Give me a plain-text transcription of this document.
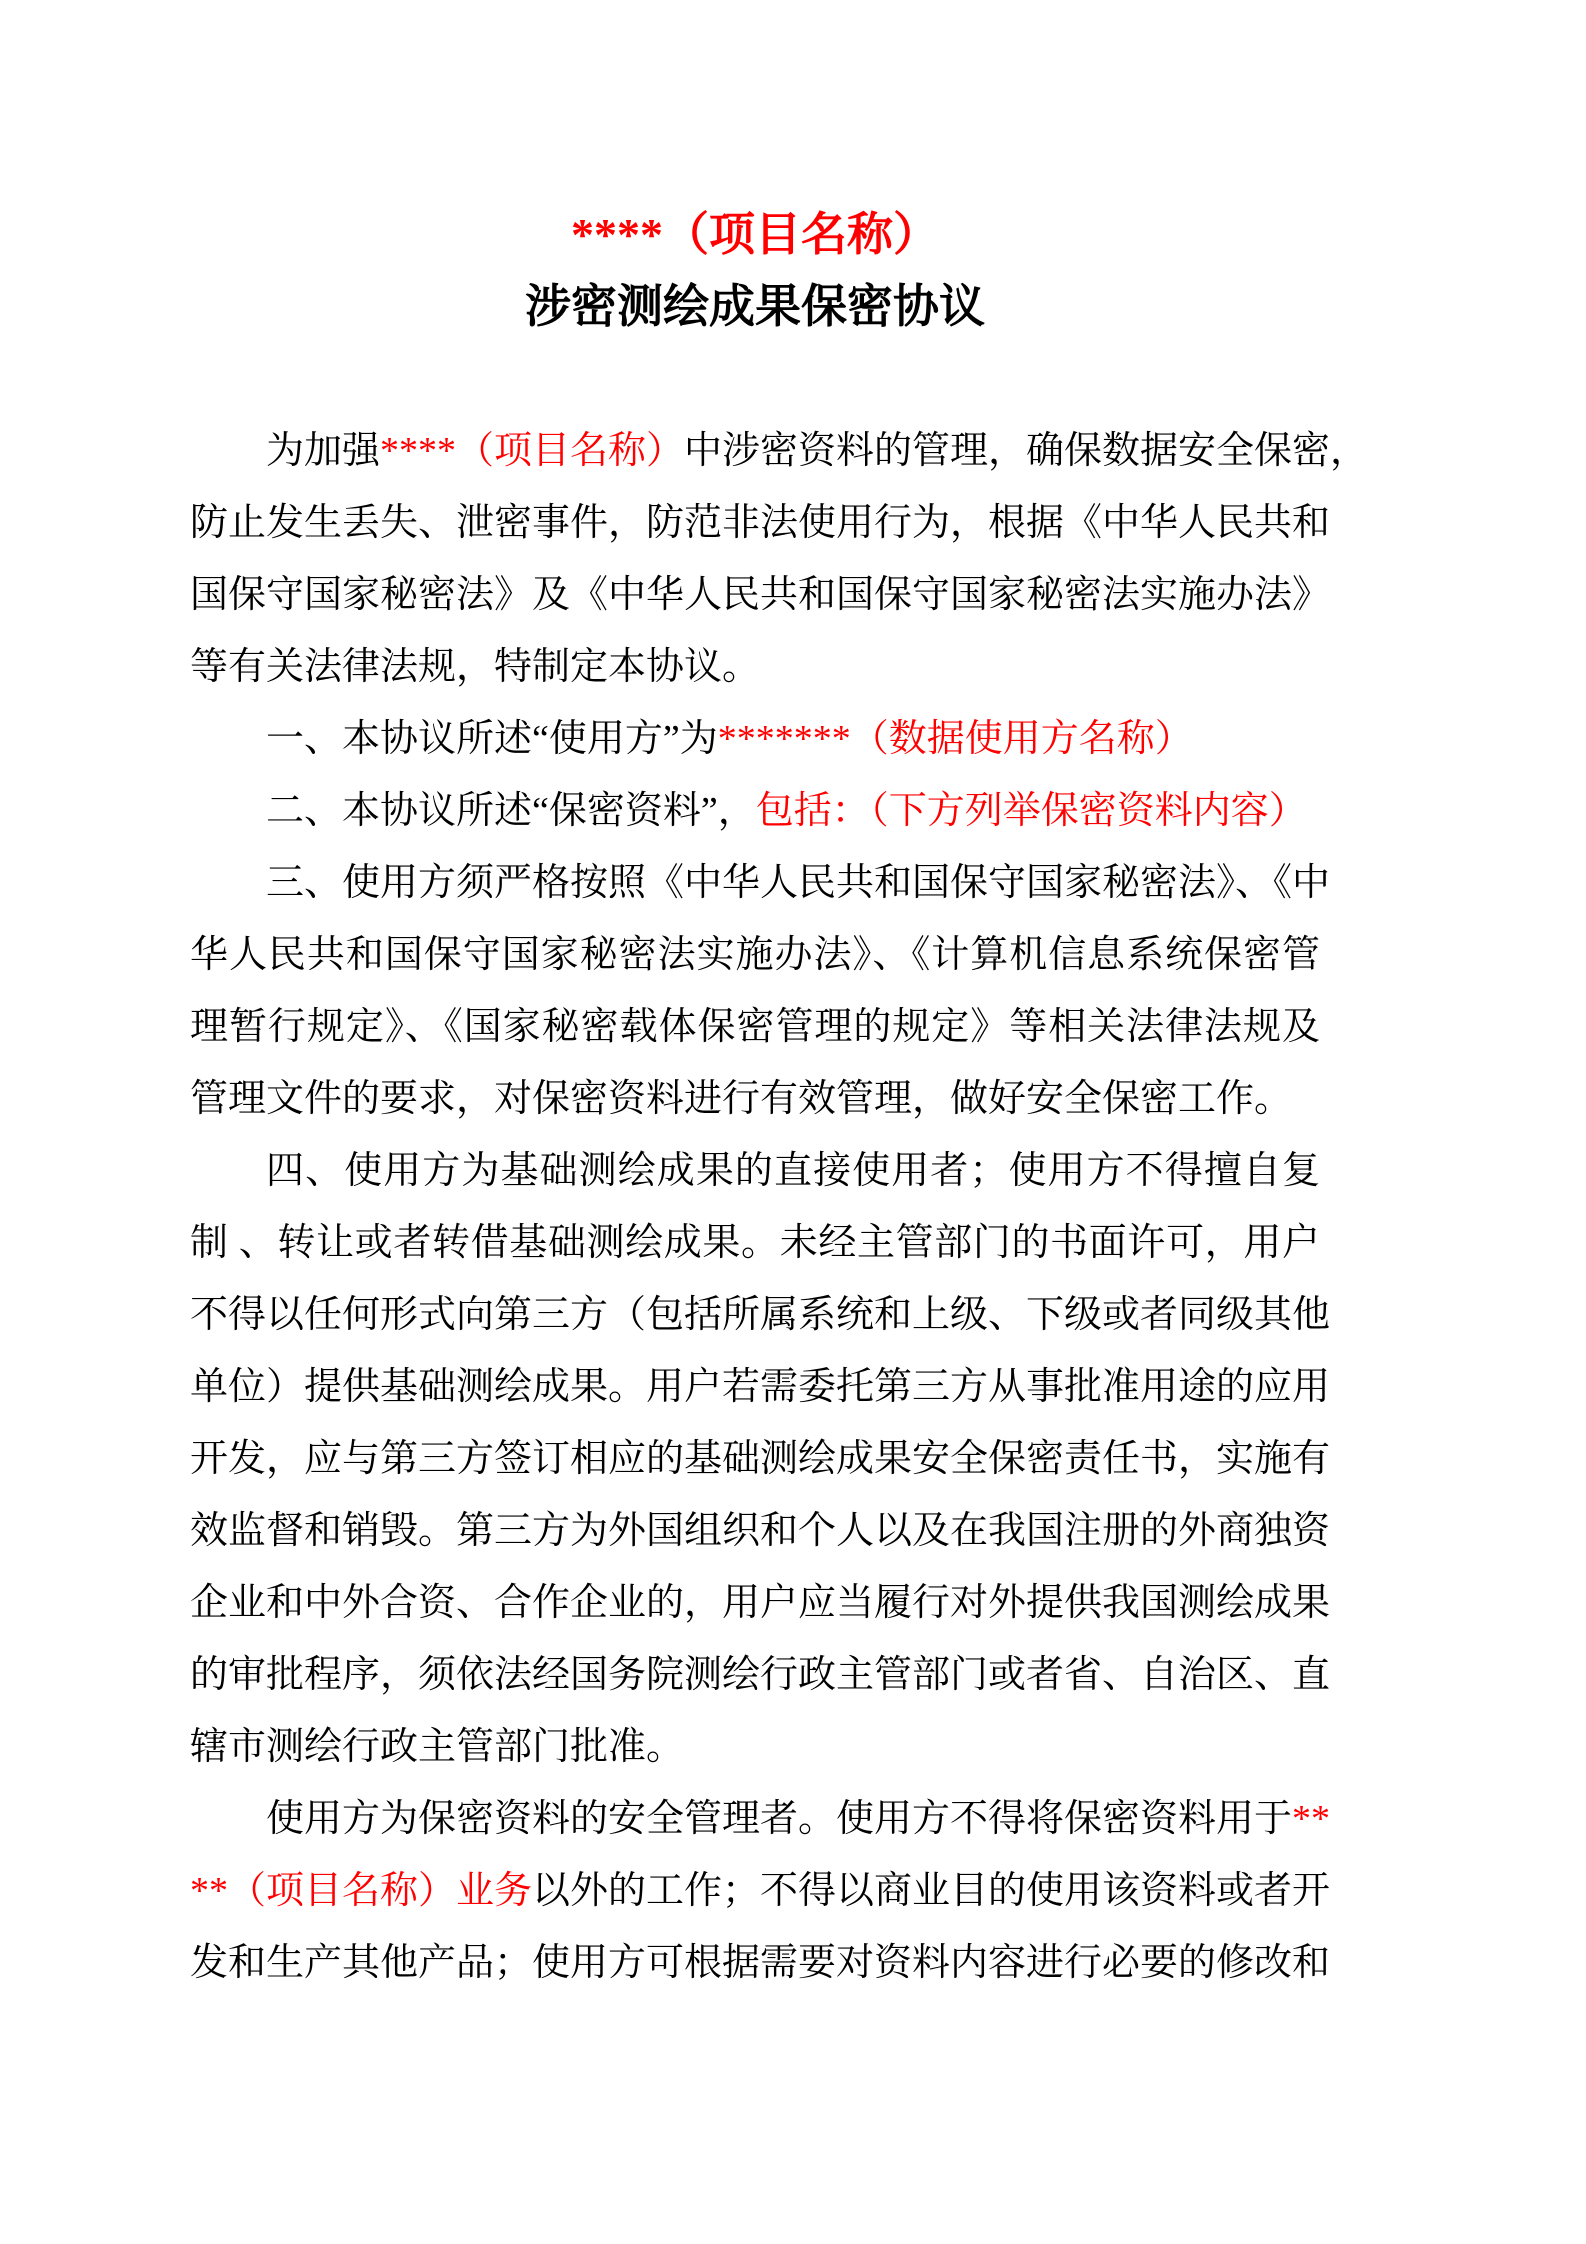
****（项目名称）
涉密测绘成果保密协议
为加强****（项目名称）中涉密资料的管理，确保数据安全保密，
防止发生丢失、泄密事件，防范非法使用行为，根据《中华人民共和
国保守国家秘密法》及《中华人民共和国保守国家秘密法实施办法》
等有关法律法规，特制定本协议。
一、本协议所述“使用方”为*******（数据使用方名称）
二、本协议所述“保密资料”，包括：（下方列举保密资料内容）
三、使用方须严格按照《中华人民共和国保守国家秘密法》、《中
华人民共和国保守国家秘密法实施办法》、《计算机信息系统保密管
理暂行规定》、《国家秘密载体保密管理的规定》等相关法律法规及
管理文件的要求，对保密资料进行有效管理，做好安全保密工作。
四、使用方为基础测绘成果的直接使用者；使用方不得擅自复
制 、转让或者转借基础测绘成果。未经主管部门的书面许可，用户
不得以任何形式向第三方（包括所属系统和上级、下级或者同级其他
单位）提供基础测绘成果。用户若需委托第三方从事批准用途的应用
开发，应与第三方签订相应的基础测绘成果安全保密责任书，实施有
效监督和销毁。第三方为外国组织和个人以及在我国注册的外商独资
企业和中外合资、合作企业的，用户应当履行对外提供我国测绘成果
的审批程序，须依法经国务院测绘行政主管部门或者省、自治区、直
辖市测绘行政主管部门批准。
使用方为保密资料的安全管理者。使用方不得将保密资料用于**
**（项目名称）业务以外的工作；不得以商业目的使用该资料或者开
发和生产其他产品；使用方可根据需要对资料内容进行必要的修改和
